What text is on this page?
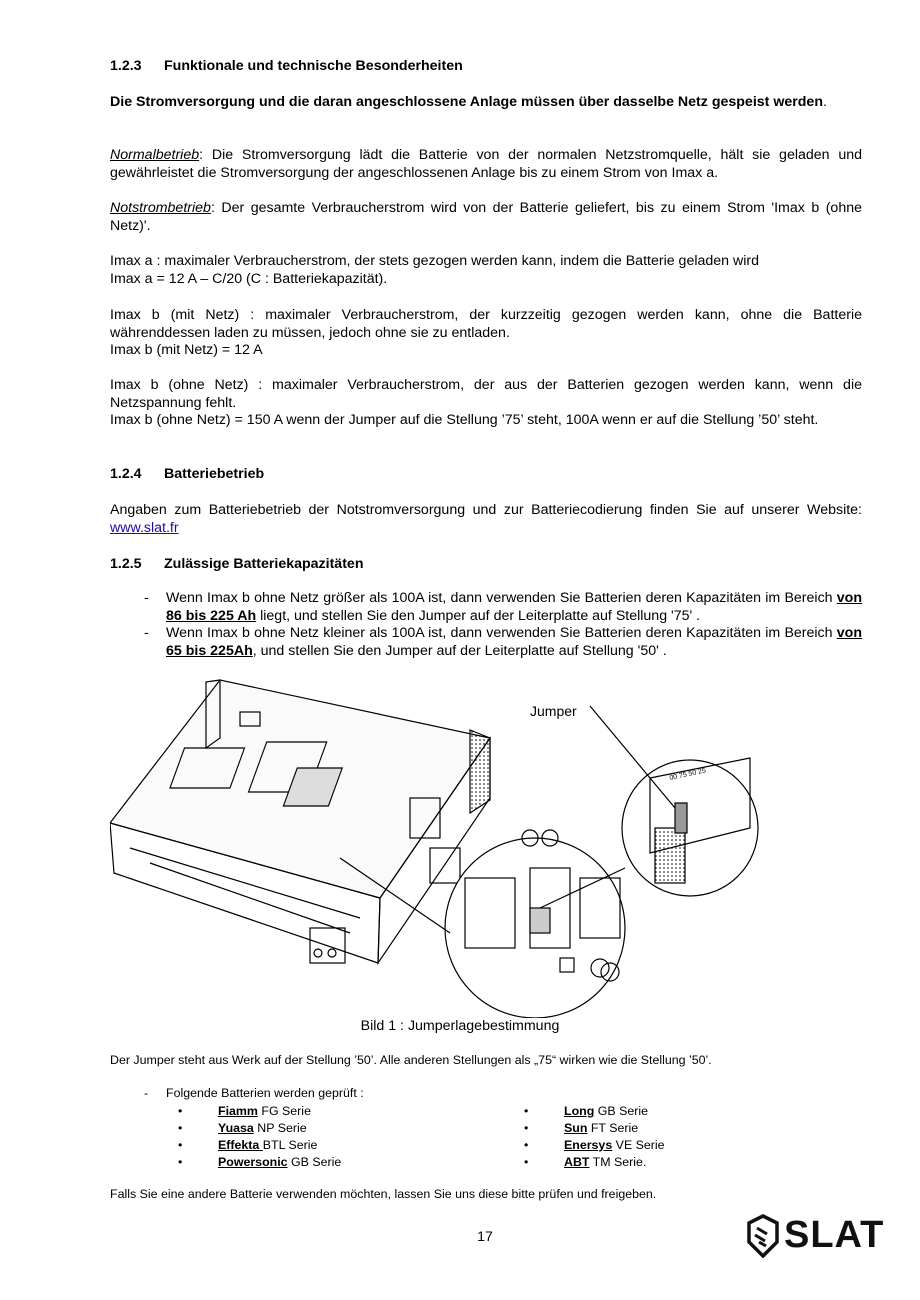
1.2.3 Funktionale und technische Besonderheiten
Die Stromversorgung und die daran angeschlossene Anlage müssen über dasselbe Netz gespeist werden.
Normalbetrieb: Die Stromversorgung lädt die Batterie von der normalen Netzstromquelle, hält sie geladen und gewährleistet die Stromversorgung der angeschlossenen Anlage bis zu einem Strom von Imax a.
Notstrombetrieb: Der gesamte Verbraucherstrom wird von der Batterie geliefert, bis zu einem Strom 'Imax b (ohne Netz)'.
Imax a : maximaler Verbraucherstrom, der stets gezogen werden kann, indem die Batterie geladen wird
Imax a = 12 A – C/20 (C : Batteriekapazität).
Imax b (mit Netz) : maximaler Verbraucherstrom, der kurzzeitig gezogen werden kann, ohne die Batterie währenddessen laden zu müssen, jedoch ohne sie zu entladen.
Imax b (mit Netz) = 12 A
Imax b (ohne Netz) : maximaler Verbraucherstrom, der aus der Batterien gezogen werden kann, wenn die Netzspannung fehlt.
Imax b (ohne Netz) = 150 A wenn der Jumper auf die Stellung ’75’ steht, 100A wenn er auf die Stellung ’50’ steht.
1.2.4 Batteriebetrieb
Angaben zum Batteriebetrieb der Notstromversorgung und zur Batteriecodierung finden Sie auf unserer Website: www.slat.fr
1.2.5 Zulässige Batteriekapazitäten
- Wenn Imax b ohne Netz größer als 100A ist, dann verwenden Sie Batterien deren Kapazitäten im Bereich von 86 bis 225 Ah liegt, und stellen Sie den Jumper auf der Leiterplatte auf Stellung '75' .
- Wenn Imax b ohne Netz kleiner als 100A ist, dann verwenden Sie Batterien deren Kapazitäten im Bereich von 65 bis 225Ah, und stellen Sie den Jumper auf der Leiterplatte auf Stellung '50' .
00 75 50 25
Jumper
Bild 1 : Jumperlagebestimmung
Der Jumper steht aus Werk auf der Stellung ’50’. Alle anderen Stellungen als „75“ wirken wie die Stellung ’50’.
- Folgende Batterien werden geprüft :
•	Fiamm FG Serie
•	Yuasa NP Serie
•	Effekta BTL Serie
•	Powersonic GB Serie
•	Long GB Serie
•	Sun FT Serie
•	Enersys VE Serie
•	ABT TM Serie.
Falls Sie eine andere Batterie verwenden möchten, lassen Sie uns diese bitte prüfen und freigeben.
17	SLAT
